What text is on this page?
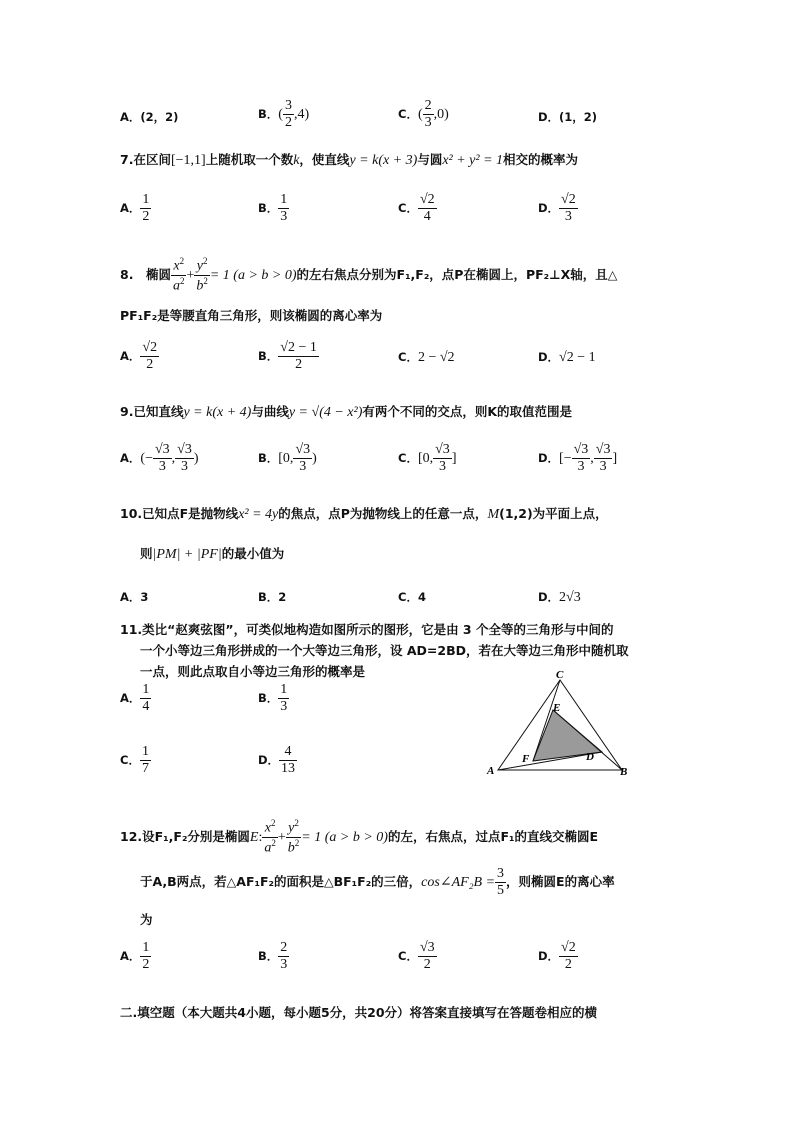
A．(2，2)	B．( $\frac{3}{2} ,4$)	C．( $\frac{2}{3} ,0$)	D．(1，2)
7.在区间[−1,1]上随机取一个数k，使直线y = k(x + 3)与圆x² + y² = 1相交的概率为
A． $\frac{1}{2}$	B． $\frac{1}{3}$	C． $\frac{√2}{4}$	D． $\frac{√2}{3}$
8.　椭圆 $\frac{x^2}{a^2} + \frac{y^2}{b^2} = 1$ (a > b > 0)的左右焦点分别为F₁,F₂，点P在椭圆上，PF₂⊥X轴，且△
PF₁F₂是等腰直角三角形，则该椭圆的离心率为
A． $\frac{√2}{2}$	B． $\frac{√2 - 1}{2}$	C．2 − √2	D．√2 − 1
9.已知直线y = k(x + 4)与曲线y = √(4 − x²)有两个不同的交点，则K的取值范围是
A．(− $\frac{√3}{3}$ , $\frac{√3}{3}$ )	B．[0, $\frac{√3}{3}$ )	C．[0, $\frac{√3}{3}$ ]	D．[− $\frac{√3}{3}$ , $\frac{√3}{3}$ ]
10.已知点F是抛物线x² = 4y的焦点，点P为抛物线上的任意一点，M(1,2)为平面上点，
则|PM| + |PF|的最小值为
A．3	B．2	C．4	D．2√3
11.类比“赵爽弦图”，可类似地构造如图所示的图形，它是由 3 个全等的三角形与中间的
一个小等边三角形拼成的一个大等边三角形，设 AD=2BD，若在大等边三角形中随机取
一点，则此点取自小等边三角形的概率是
A． $\frac{1}{4}$	B． $\frac{1}{3}$
C． $\frac{1}{7}$	D． $\frac{4}{13}$
C
E
D
F
A	B
12.设F₁,F₂分别是椭圆E: $\frac{x^2}{a^2} + \frac{y^2}{b^2} = 1$ (a > b > 0)的左，右焦点，过点F₁的直线交椭圆E
于A,B两点，若△AF₁F₂的面积是△BF₁F₂的三倍，cos∠AF₂B = $\frac{3}{5}$ ，则椭圆E的离心率
为
A． $\frac{1}{2}$	B． $\frac{2}{3}$	C． $\frac{√3}{2}$	D． $\frac{√2}{2}$
二.填空题（本大题共4小题，每小题5分，共20分）将答案直接填写在答题卷相应的横
